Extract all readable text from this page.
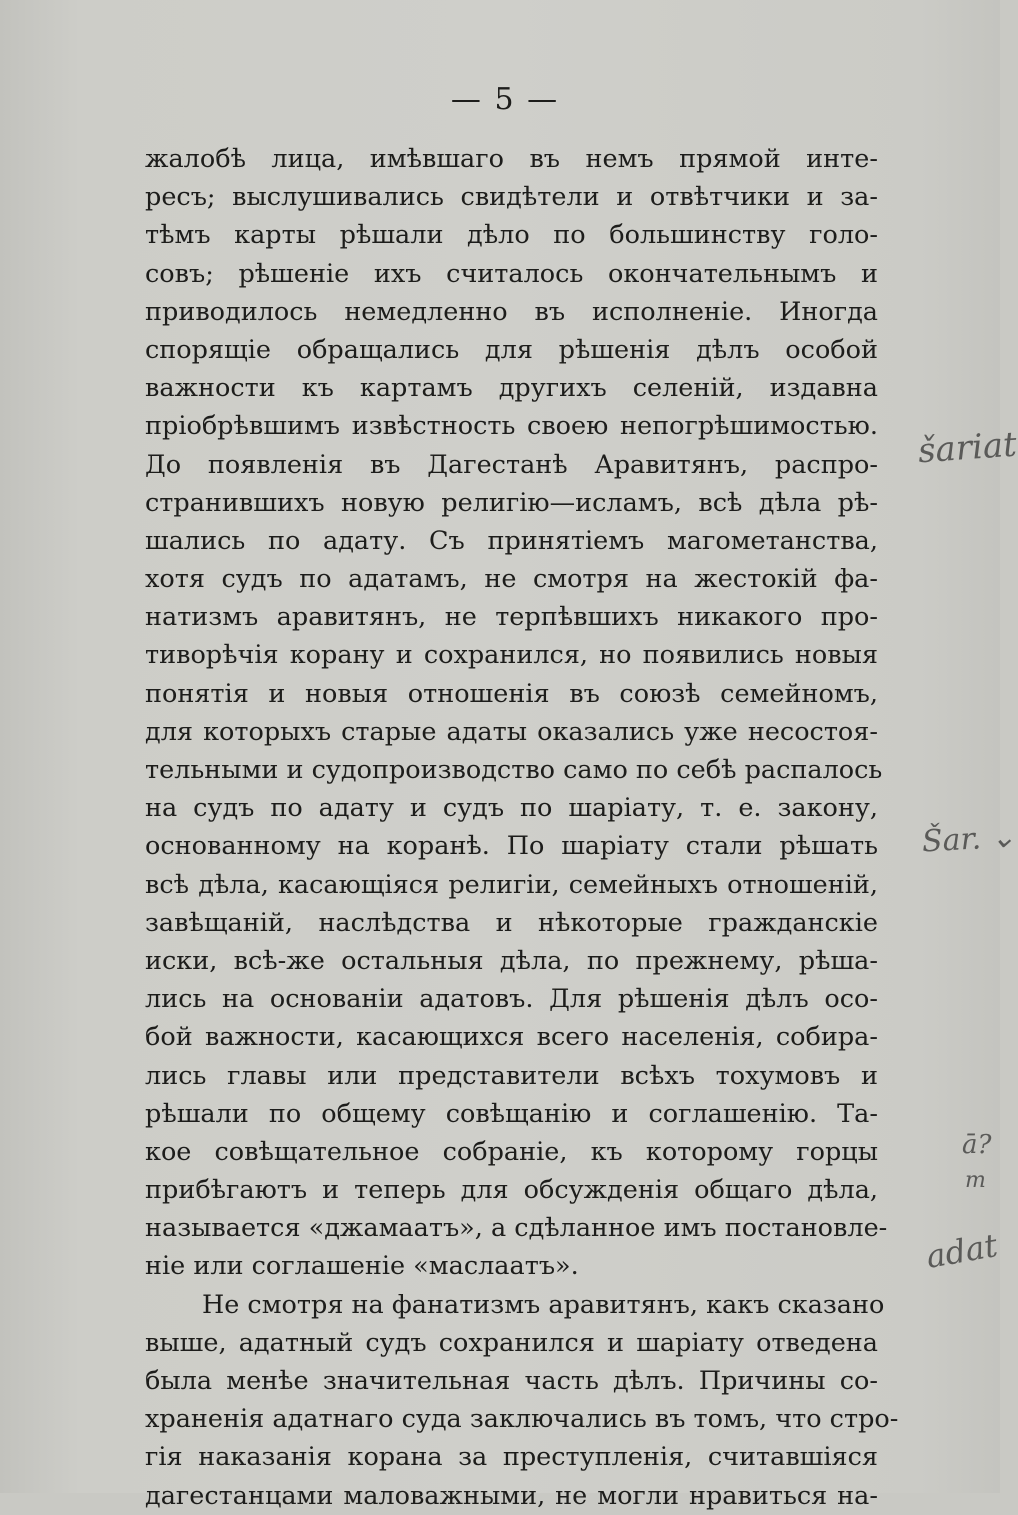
— 5 —
жалобѣ лица, имѣвшаго въ немъ прямой инте-
ресъ; выслушивались свидѣтели и отвѣтчики и за-
тѣмъ карты рѣшали дѣло по большинству голо-
совъ; рѣшеніе ихъ считалось окончательнымъ и
приводилось немедленно въ исполненіе. Иногда
спорящіе обращались для рѣшенія дѣлъ особой
важности къ картамъ другихъ селеній, издавна
пріобрѣвшимъ извѣстность своею непогрѣшимостью.
До появленія въ Дагестанѣ Аравитянъ, распро-
странившихъ новую религію—исламъ, всѣ дѣла рѣ-
шались по адату. Съ принятіемъ магометанства,
хотя судъ по адатамъ, не смотря на жестокій фа-
натизмъ аравитянъ, не терпѣвшихъ никакого про-
тиворѣчія корану и сохранился, но появились новыя
понятія и новыя отношенія въ союзѣ семейномъ,
для которыхъ старые адаты оказались уже несостоя-
тельными и судопроизводство само по себѣ распалось
на судъ по адату и судъ по шаріату, т. е. закону,
основанному на коранѣ. По шаріату стали рѣшать
всѣ дѣла, касающіяся религіи, семейныхъ отношеній,
завѣщаній, наслѣдства и нѣкоторые гражданскіе
иски, всѣ-же остальныя дѣла, по прежнему, рѣша-
лись на основаніи адатовъ. Для рѣшенія дѣлъ осо-
бой важности, касающихся всего населенія, собира-
лись главы или представители всѣхъ тохумовъ и
рѣшали по общему совѣщанію и соглашенію. Та-
кое совѣщательное собраніе, къ которому горцы
прибѣгаютъ и теперь для обсужденія общаго дѣла,
называется «джамаатъ», а сдѣланное имъ постановле-
ніе или соглашеніе «маслаатъ».
Не смотря на фанатизмъ аравитянъ, какъ сказано
выше, адатный судъ сохранился и шаріату отведена
была менѣе значительная часть дѣлъ. Причины со-
храненія адатнаго суда заключались въ томъ, что стро-
гія наказанія корана за преступленія, считавшіяся
дагестанцами маловажными, не могли нравиться на-
šariat
Šar. ⌄
ā?
m
adat
